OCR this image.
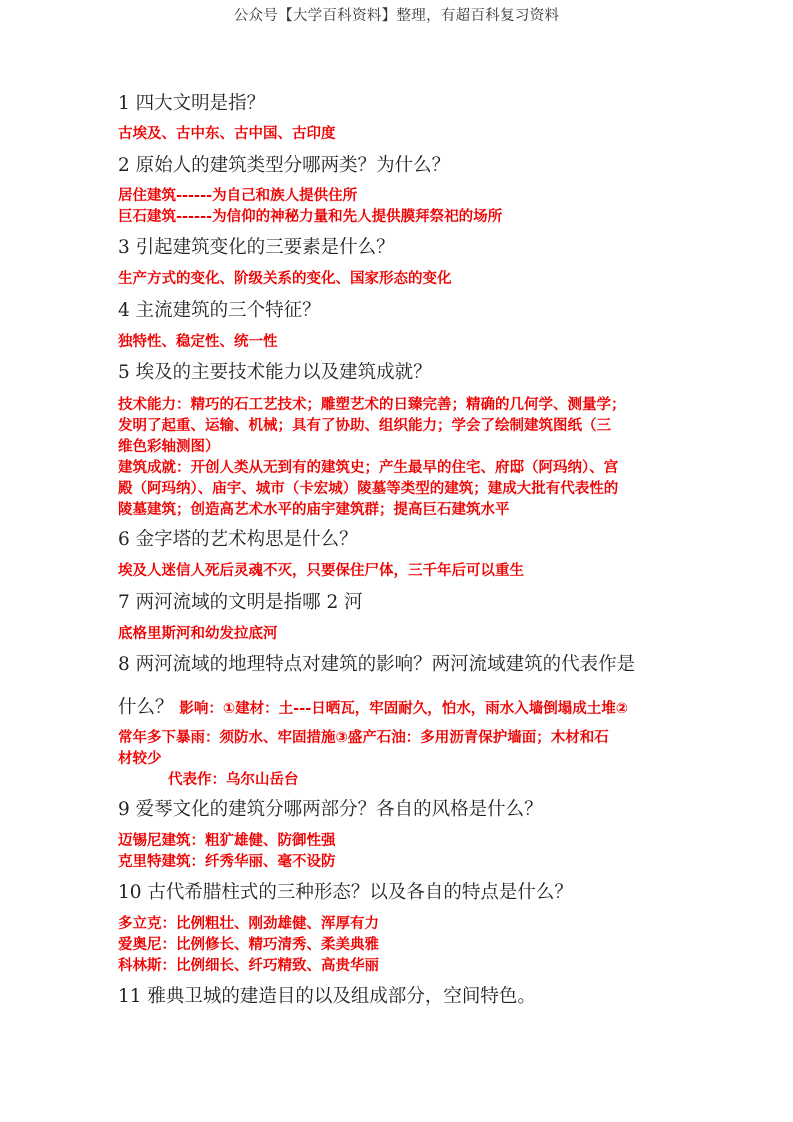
公众号【大学百科资料】整理，有超百科复习资料
1 四大文明是指？
古埃及、古中东、古中国、古印度
2 原始人的建筑类型分哪两类？为什么？
居住建筑------为自己和族人提供住所
巨石建筑------为信仰的神秘力量和先人提供膜拜祭祀的场所
3 引起建筑变化的三要素是什么？
生产方式的变化、阶级关系的变化、国家形态的变化
4 主流建筑的三个特征？
独特性、稳定性、统一性
5 埃及的主要技术能力以及建筑成就？
技术能力：精巧的石工艺技术；雕塑艺术的日臻完善；精确的几何学、测量学；
发明了起重、运输、机械；具有了协助、组织能力；学会了绘制建筑图纸（三
维色彩轴测图）
建筑成就：开创人类从无到有的建筑史；产生最早的住宅、府邸（阿玛纳）、宫
殿（阿玛纳）、庙宇、城市（卡宏城）陵墓等类型的建筑；建成大批有代表性的
陵墓建筑；创造高艺术水平的庙宇建筑群；提高巨石建筑水平
6 金字塔的艺术构思是什么？
埃及人迷信人死后灵魂不灭，只要保住尸体，三千年后可以重生
7 两河流域的文明是指哪 2 河
底格里斯河和幼发拉底河
8 两河流域的地理特点对建筑的影响？两河流域建筑的代表作是
什么？ 影响：①建材：土---日晒瓦，牢固耐久，怕水，雨水入墙倒塌成土堆②
常年多下暴雨：须防水、牢固措施③盛产石油：多用沥青保护墙面；木材和石
材较少
代表作：乌尔山岳台
9 爱琴文化的建筑分哪两部分？各自的风格是什么？
迈锡尼建筑：粗犷雄健、防御性强
克里特建筑：纤秀华丽、毫不设防
10 古代希腊柱式的三种形态？以及各自的特点是什么？
多立克：比例粗壮、刚劲雄健、浑厚有力
爱奥尼：比例修长、精巧清秀、柔美典雅
科林斯：比例细长、纤巧精致、高贵华丽
11 雅典卫城的建造目的以及组成部分，空间特色。
